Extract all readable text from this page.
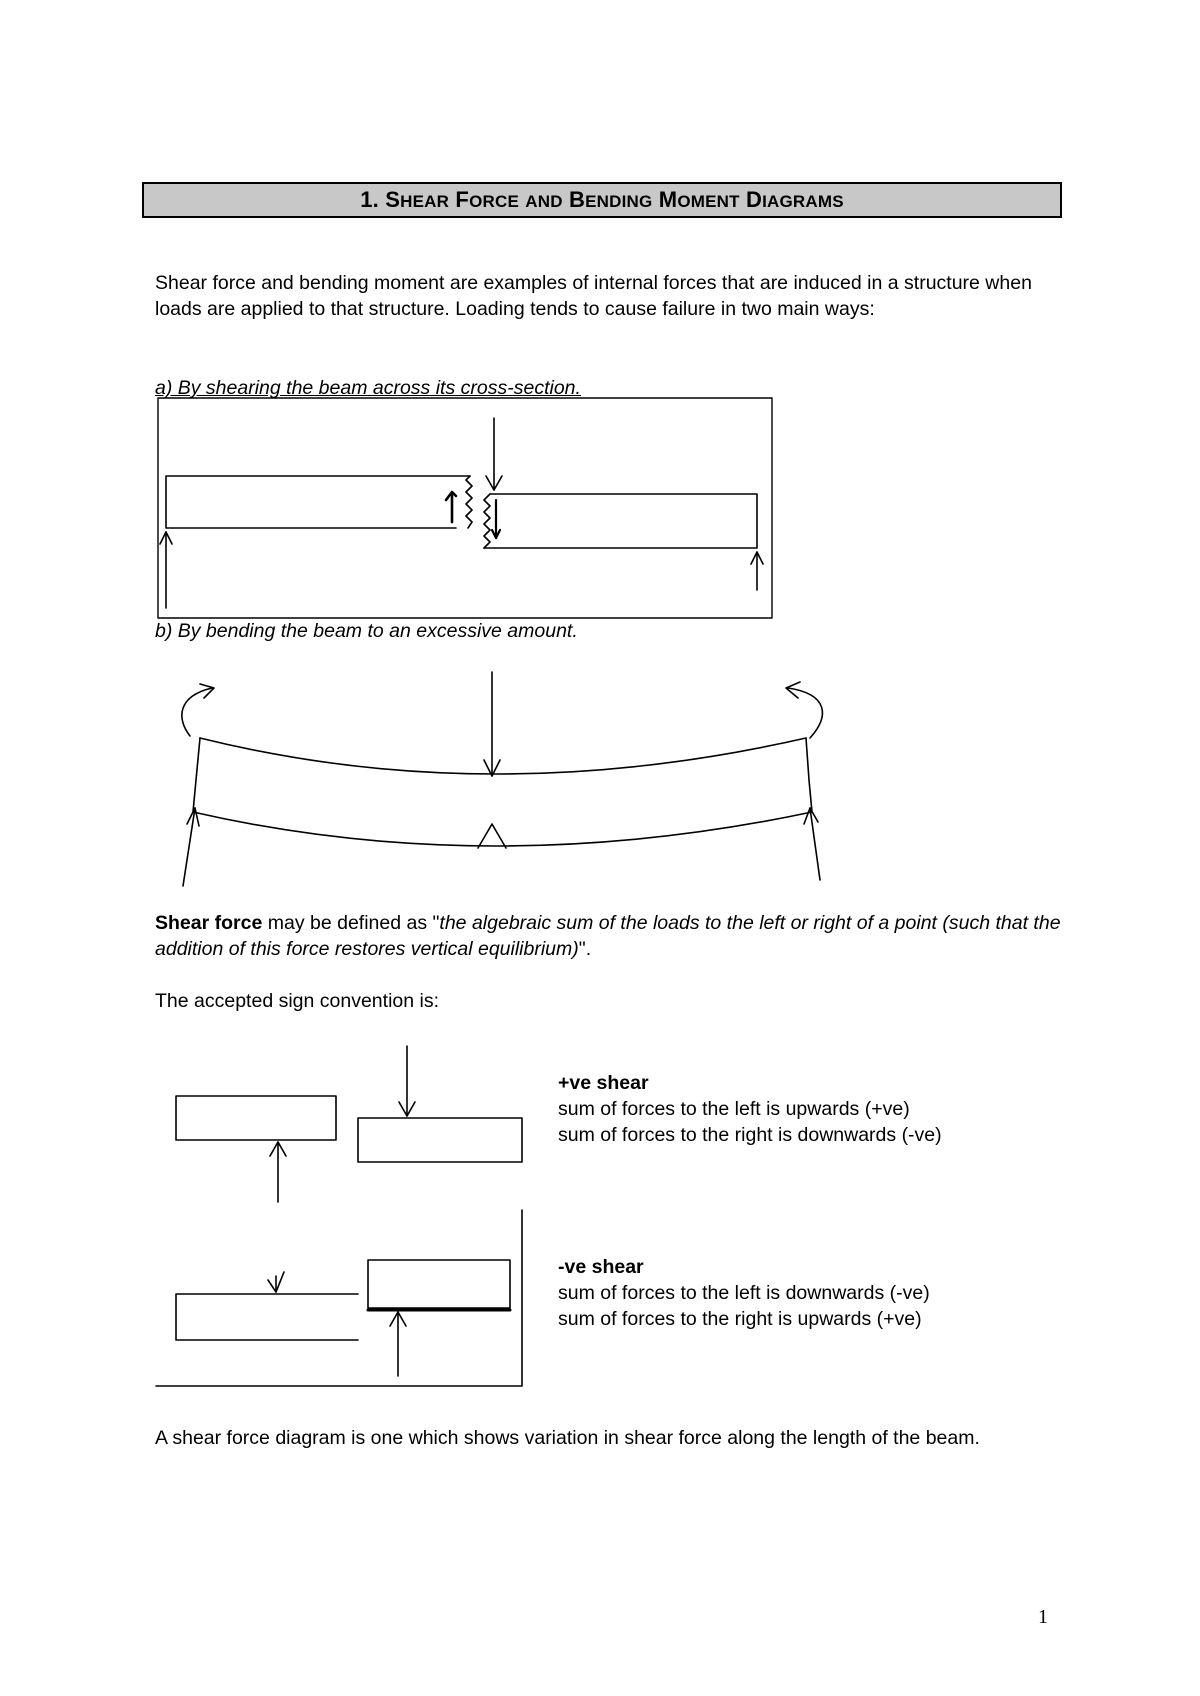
1.
SHEAR
FORCE
AND
BENDING
MOMENT
DIAGRAMS
Shear force and bending moment are examples of internal forces that are induced in a structure when loads are applied to that structure. Loading tends to cause failure in two main ways:
a) By shearing the beam across its cross-section.
b) By bending the beam to an excessive amount.
Shear force may be defined as "the algebraic sum of the loads to the left or right of a point (such that the addition of this force restores vertical equilibrium)".
The accepted sign convention is:
+ve shear
sum of forces to the left is upwards (+ve)
sum of forces to the right is downwards (-ve)
-ve shear
sum of forces to the left is downwards (-ve)
sum of forces to the right is upwards (+ve)
A shear force diagram is one which shows variation in shear force along the length of the beam.
1
